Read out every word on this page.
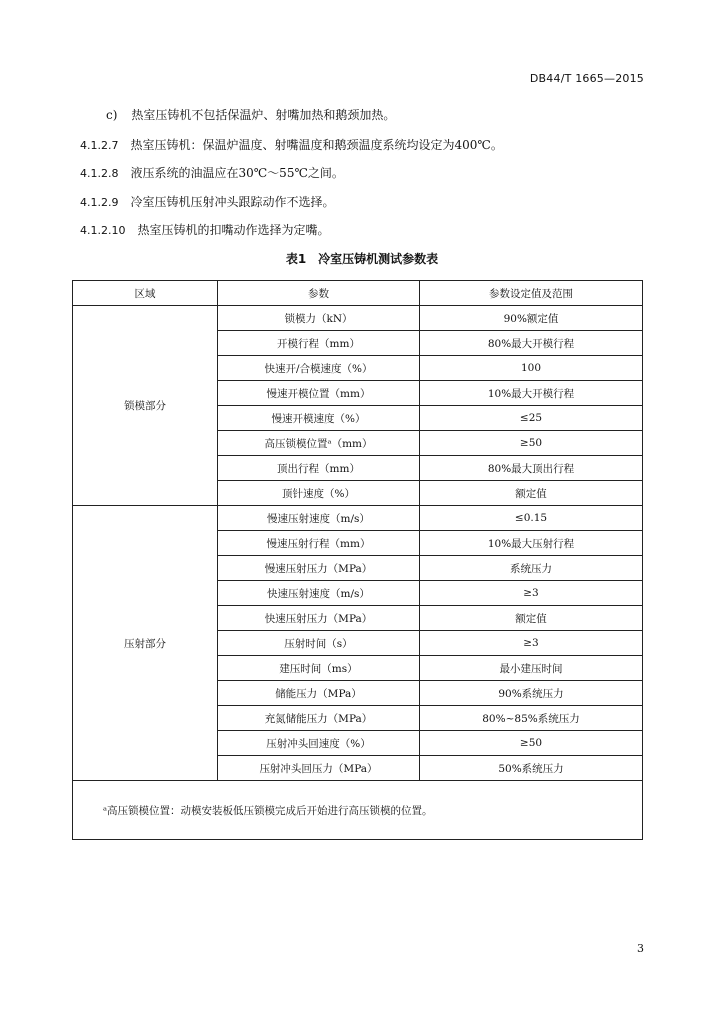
DB44/T 1665—2015
c) 热室压铸机不包括保温炉、射嘴加热和鹅颈加热。
4.1.2.7 热室压铸机：保温炉温度、射嘴温度和鹅颈温度系统均设定为400℃。
4.1.2.8 液压系统的油温应在30℃～55℃之间。
4.1.2.9 冷室压铸机压射冲头跟踪动作不选择。
4.1.2.10 热室压铸机的扣嘴动作选择为定嘴。
表1 冷室压铸机测试参数表
区域	参数	参数设定值及范围
锁模部分	锁模力（kN）	90%额定值
	开模行程（mm）	80%最大开模行程
	快速开/合模速度（%）	100
	慢速开模位置（mm）	10%最大开模行程
	慢速开模速度（%）	≤25
	高压锁模位置ᵃ（mm）	≥50
	顶出行程（mm）	80%最大顶出行程
	顶针速度（%）	额定值
压射部分	慢速压射速度（m/s）	≤0.15
	慢速压射行程（mm）	10%最大压射行程
	慢速压射压力（MPa）	系统压力
	快速压射速度（m/s）	≥3
	快速压射压力（MPa）	额定值
	压射时间（s）	≥3
	建压时间（ms）	最小建压时间
	储能压力（MPa）	90%系统压力
	充氮储能压力（MPa）	80%~85%系统压力
	压射冲头回速度（%）	≥50
	压射冲头回压力（MPa）	50%系统压力
ᵃ高压锁模位置：动模安装板低压锁模完成后开始进行高压锁模的位置。		
3
